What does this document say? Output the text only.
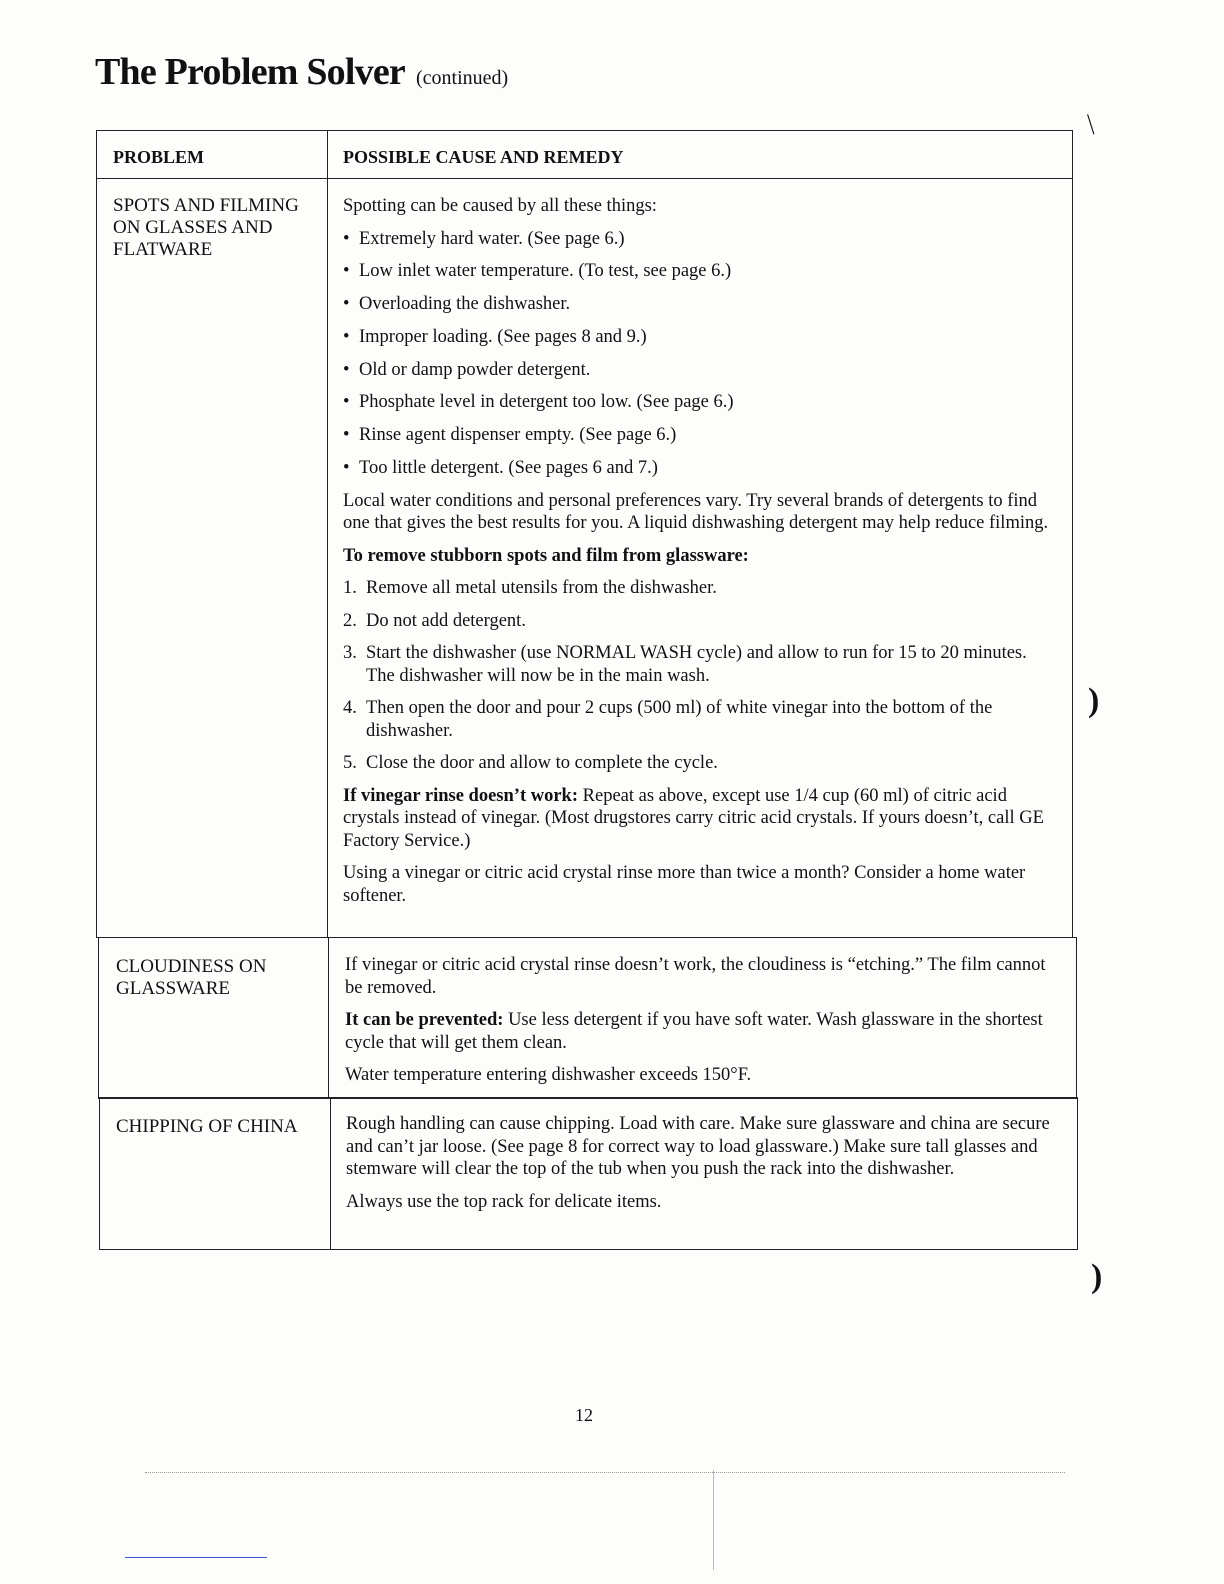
The Problem Solver (continued)
PROBLEM	POSSIBLE CAUSE AND REMEDY
SPOTS AND FILMING ON GLASSES AND FLATWARE

Spotting can be caused by all these things:

• Extremely hard water. (See page 6.)
• Low inlet water temperature. (To test, see page 6.)
• Overloading the dishwasher.
• Improper loading. (See pages 8 and 9.)
• Old or damp powder detergent.
• Phosphate level in detergent too low. (See page 6.)
• Rinse agent dispenser empty. (See page 6.)
• Too little detergent. (See pages 6 and 7.)

Local water conditions and personal preferences vary. Try several brands of detergents to find one that gives the best results for you. A liquid dishwashing detergent may help reduce filming.

To remove stubborn spots and film from glassware:

1. Remove all metal utensils from the dishwasher.
2. Do not add detergent.
3. Start the dishwasher (use NORMAL WASH cycle) and allow to run for 15 to 20 minutes. The dishwasher will now be in the main wash.
4. Then open the door and pour 2 cups (500 ml) of white vinegar into the bottom of the dishwasher.
5. Close the door and allow to complete the cycle.

If vinegar rinse doesn’t work: Repeat as above, except use 1/4 cup (60 ml) of citric acid crystals instead of vinegar. (Most drugstores carry citric acid crystals. If yours doesn’t, call GE Factory Service.)

Using a vinegar or citric acid crystal rinse more than twice a month? Consider a home water softener.

CLOUDINESS ON GLASSWARE

If vinegar or citric acid crystal rinse doesn’t work, the cloudiness is “etching.” The film cannot be removed.

It can be prevented: Use less detergent if you have soft water. Wash glassware in the shortest cycle that will get them clean.

Water temperature entering dishwasher exceeds 150°F.

CHIPPING OF CHINA	Rough handling can cause chipping. Load with care. Make sure glassware and china are secure and can’t jar loose. (See page 8 for correct way to load glassware.) Make sure tall glasses and stemware will clear the top of the tub when you push the rack into the dishwasher.

Always use the top rack for delicate items.

⧹
)
)
12
